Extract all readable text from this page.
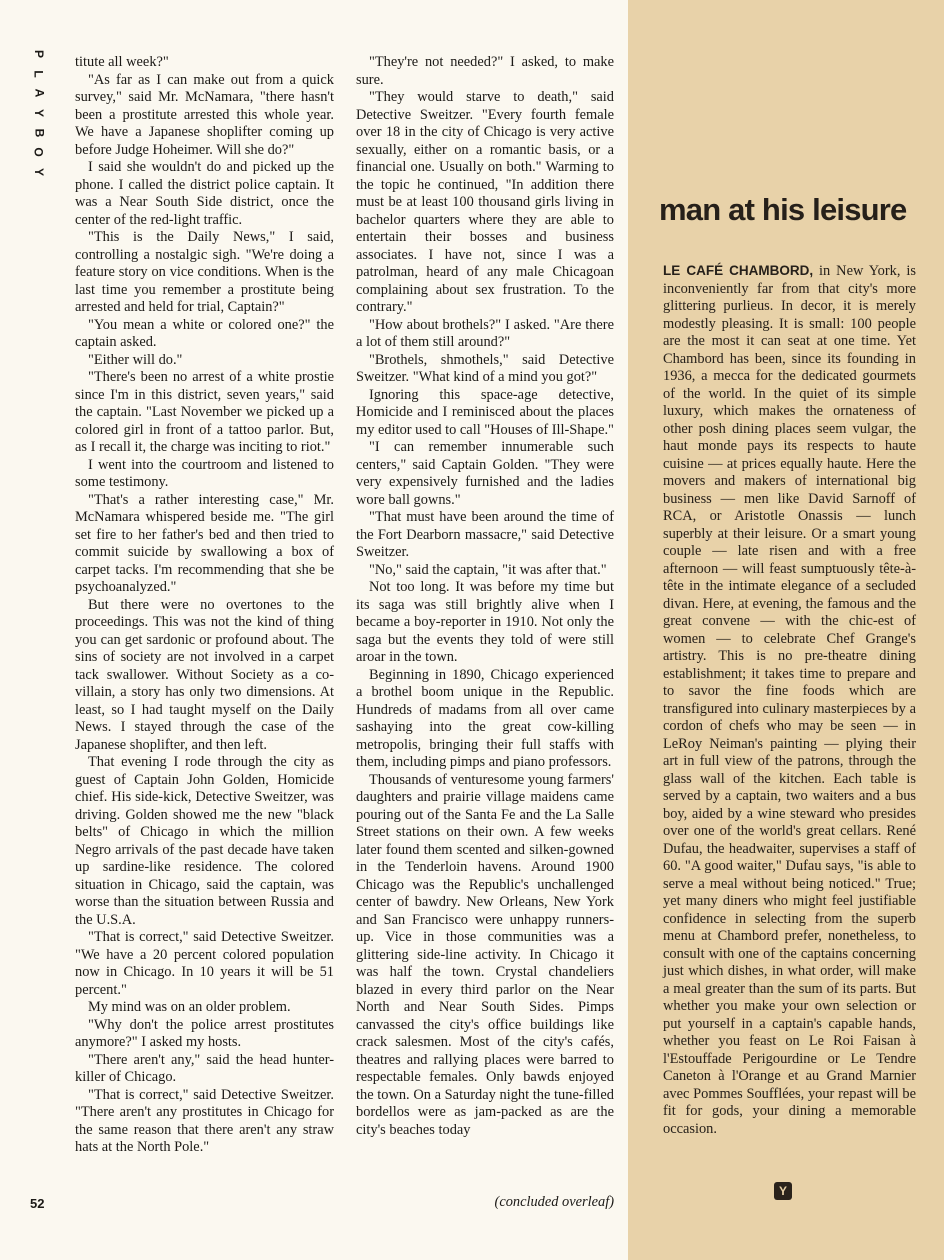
P
L
A
Y
B
O
Y
52

titute all week?"

"As far as I can make out from a quick survey," said Mr. McNamara, "there hasn't been a prostitute arrested this whole year. We have a Japanese shoplifter coming up before Judge Hoheimer. Will she do?"

I said she wouldn't do and picked up the phone. I called the district police captain. It was a Near South Side district, once the center of the red-light traffic.

"This is the Daily News," I said, controlling a nostalgic sigh. "We're doing a feature story on vice conditions. When is the last time you remember a prostitute being arrested and held for trial, Captain?"

"You mean a white or colored one?" the captain asked.

"Either will do."

"There's been no arrest of a white prostie since I'm in this district, seven years," said the captain. "Last November we picked up a colored girl in front of a tattoo parlor. But, as I recall it, the charge was inciting to riot."

I went into the courtroom and listened to some testimony.

"That's a rather interesting case," Mr. McNamara whispered beside me. "The girl set fire to her father's bed and then tried to commit suicide by swallowing a box of carpet tacks. I'm recommending that she be psychoanalyzed."

But there were no overtones to the proceedings. This was not the kind of thing you can get sardonic or profound about. The sins of society are not involved in a carpet tack swallower. Without Society as a co-villain, a story has only two dimensions. At least, so I had taught myself on the Daily News. I stayed through the case of the Japanese shoplifter, and then left.

That evening I rode through the city as guest of Captain John Golden, Homicide chief. His side-kick, Detective Sweitzer, was driving. Golden showed me the new "black belts" of Chicago in which the million Negro arrivals of the past decade have taken up sardine-like residence. The colored situation in Chicago, said the captain, was worse than the situation between Russia and the U.S.A.

"That is correct," said Detective Sweitzer. "We have a 20 percent colored population now in Chicago. In 10 years it will be 51 percent."

My mind was on an older problem.

"Why don't the police arrest prostitutes anymore?" I asked my hosts.

"There aren't any," said the head hunter-killer of Chicago.

"That is correct," said Detective Sweitzer. "There aren't any prostitutes in Chicago for the same reason that there aren't any straw hats at the North Pole."

"They're not needed?" I asked, to make sure.

"They would starve to death," said Detective Sweitzer. "Every fourth female over 18 in the city of Chicago is very active sexually, either on a romantic basis, or a financial one. Usually on both." Warming to the topic he continued, "In addition there must be at least 100 thousand girls living in bachelor quarters where they are able to entertain their bosses and business associates. I have not, since I was a patrolman, heard of any male Chicagoan complaining about sex frustration. To the contrary."

"How about brothels?" I asked. "Are there a lot of them still around?"

"Brothels, shmothels," said Detective Sweitzer. "What kind of a mind you got?"

Ignoring this space-age detective, Homicide and I reminisced about the places my editor used to call "Houses of Ill-Shape."

"I can remember innumerable such centers," said Captain Golden. "They were very expensively furnished and the ladies wore ball gowns."

"That must have been around the time of the Fort Dearborn massacre," said Detective Sweitzer.

"No," said the captain, "it was after that."

Not too long. It was before my time but its saga was still brightly alive when I became a boy-reporter in 1910. Not only the saga but the events they told of were still aroar in the town.

Beginning in 1890, Chicago experienced a brothel boom unique in the Republic. Hundreds of madams from all over came sashaying into the great cow-killing metropolis, bringing their full staffs with them, including pimps and piano professors.

Thousands of venturesome young farmers' daughters and prairie village maidens came pouring out of the Santa Fe and the La Salle Street stations on their own. A few weeks later found them scented and silken-gowned in the Tenderloin havens. Around 1900 Chicago was the Republic's unchallenged center of bawdry. New Orleans, New York and San Francisco were unhappy runners-up. Vice in those communities was a glittering side-line activity. In Chicago it was half the town. Crystal chandeliers blazed in every third parlor on the Near North and Near South Sides. Pimps canvassed the city's office buildings like crack salesmen. Most of the city's cafés, theatres and rallying places were barred to respectable females. Only bawds enjoyed the town. On a Saturday night the tune-filled bordellos were as jam-packed as are the city's beaches today

(concluded overleaf)
man at his leisure

LE CAFÉ CHAMBORD, in New York, is inconveniently far from that city's more glittering purlieus. In decor, it is merely modestly pleasing. It is small: 100 people are the most it can seat at one time. Yet Chambord has been, since its founding in 1936, a mecca for the dedicated gourmets of the world. In the quiet of its simple luxury, which makes the ornateness of other posh dining places seem vulgar, the haut monde pays its respects to haute cuisine — at prices equally haute. Here the movers and makers of international big business — men like David Sarnoff of RCA, or Aristotle Onassis — lunch superbly at their leisure. Or a smart young couple — late risen and with a free afternoon — will feast sumptuously tête-à-tête in the intimate elegance of a secluded divan. Here, at evening, the famous and the great convene — with the chic-est of women — to celebrate Chef Grange's artistry. This is no pre-theatre dining establishment; it takes time to prepare and to savor the fine foods which are transfigured into culinary masterpieces by a cordon of chefs who may be seen — in LeRoy Neiman's painting — plying their art in full view of the patrons, through the glass wall of the kitchen. Each table is served by a captain, two waiters and a bus boy, aided by a wine steward who presides over one of the world's great cellars. René Dufau, the headwaiter, supervises a staff of 60. "A good waiter," Dufau says, "is able to serve a meal without being noticed." True; yet many diners who might feel justifiable confidence in selecting from the superb menu at Chambord prefer, nonetheless, to consult with one of the captains concerning just which dishes, in what order, will make a meal greater than the sum of its parts. But whether you make your own selection or put yourself in a captain's capable hands, whether you feast on Le Roi Faisan à l'Estouffade Perigourdine or Le Tendre Caneton à l'Orange et au Grand Marnier avec Pommes Soufflées, your repast will be fit for gods, your dining a memorable occasion.

Y
